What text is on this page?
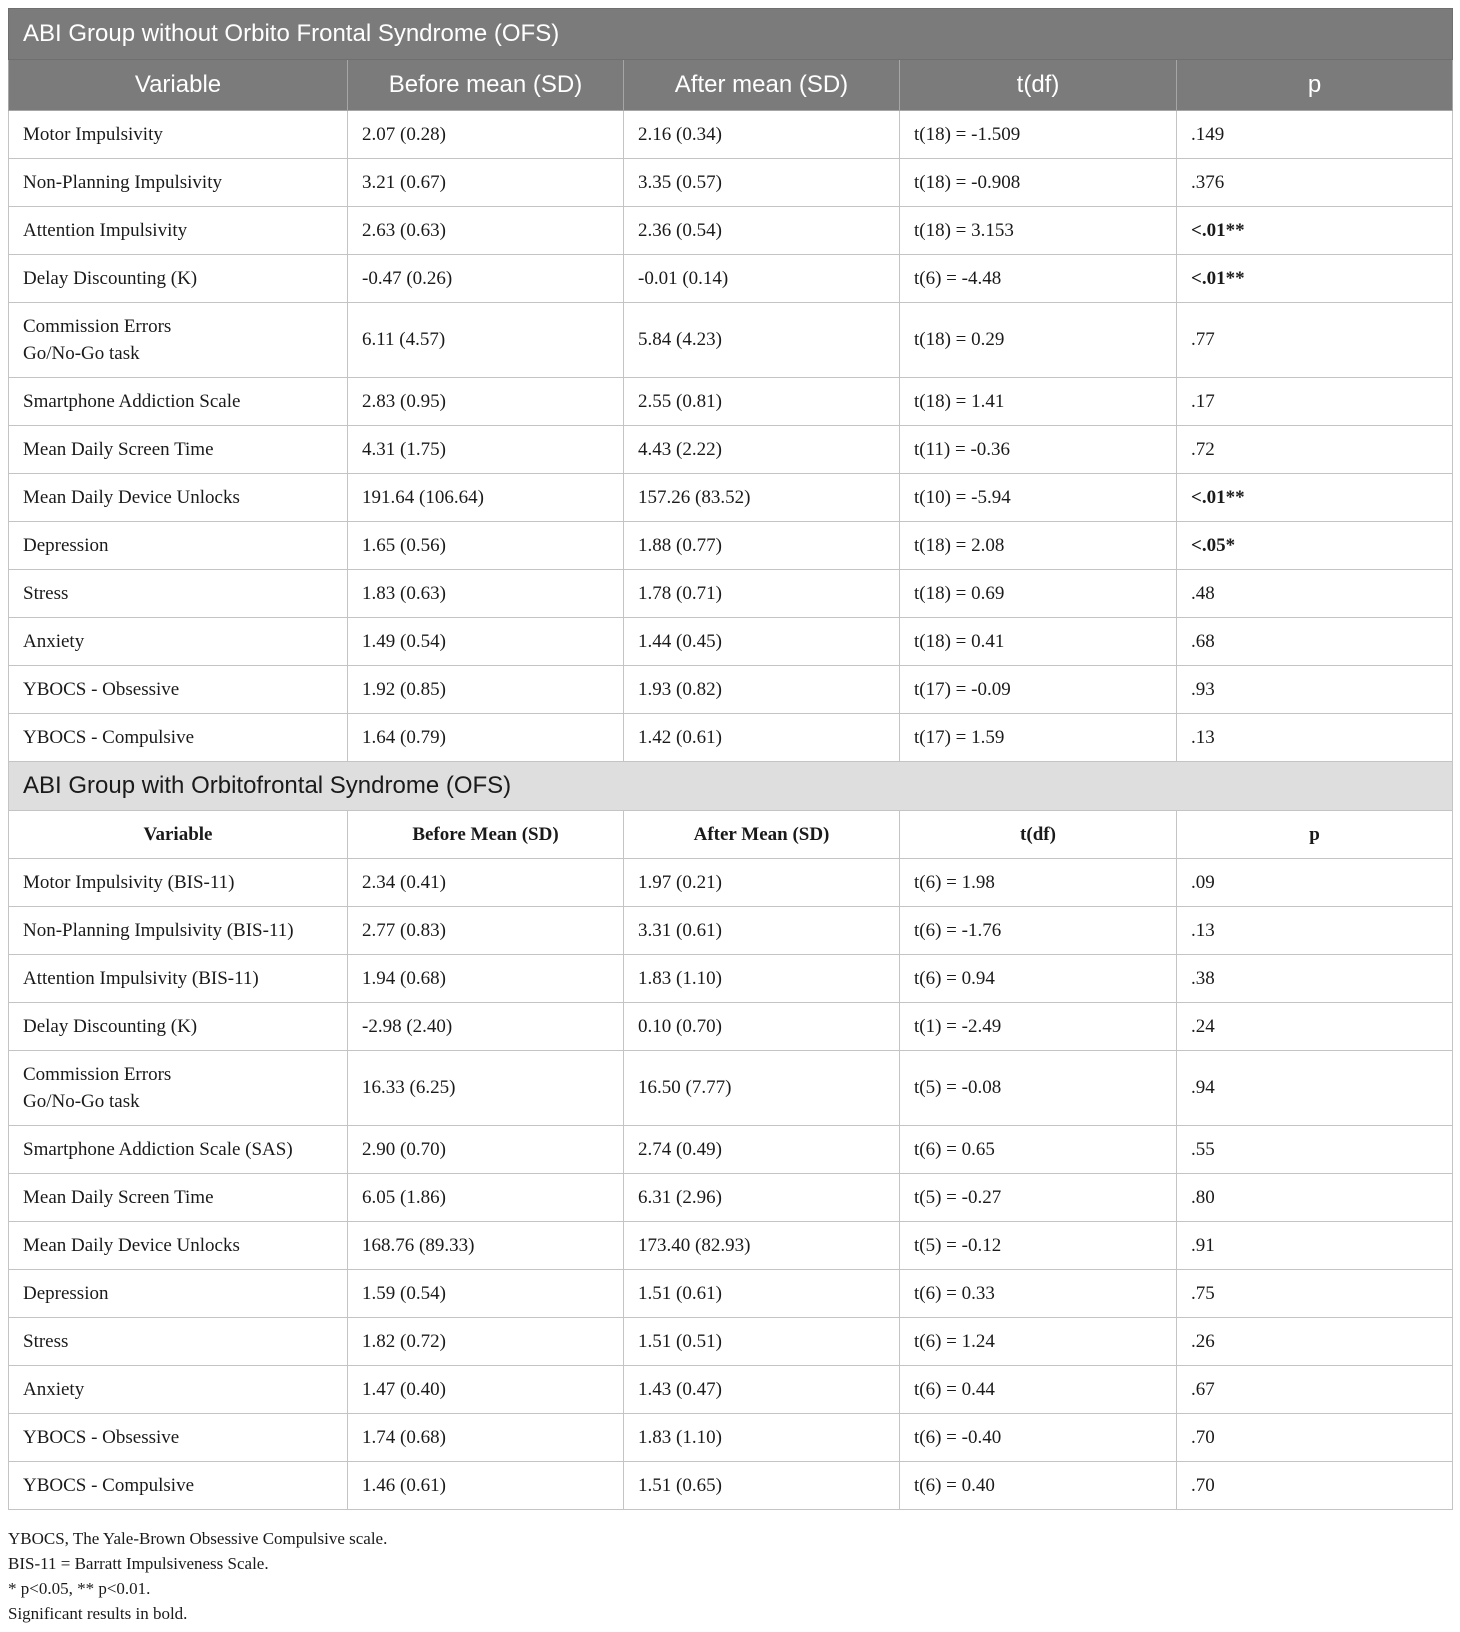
ABI Group without Orbito Frontal Syndrome (OFS)				
Variable	Before mean (SD)	After mean (SD)	t(df)	p
Motor Impulsivity	2.07 (0.28)	2.16 (0.34)	t(18) = -1.509	.149
Non-Planning Impulsivity	3.21 (0.67)	3.35 (0.57)	t(18) = -0.908	.376
Attention Impulsivity	2.63 (0.63)	2.36 (0.54)	t(18) = 3.153	<.01**
Delay Discounting (K)	-0.47 (0.26)	-0.01 (0.14)	t(6) = -4.48	<.01**
Commission Errors
Go/No-Go task	6.11 (4.57)	5.84 (4.23)	t(18) = 0.29	.77
Smartphone Addiction Scale	2.83 (0.95)	2.55 (0.81)	t(18) = 1.41	.17
Mean Daily Screen Time	4.31 (1.75)	4.43 (2.22)	t(11) = -0.36	.72
Mean Daily Device Unlocks	191.64 (106.64)	157.26 (83.52)	t(10) = -5.94	<.01**
Depression	1.65 (0.56)	1.88 (0.77)	t(18) = 2.08	<.05*
Stress	1.83 (0.63)	1.78 (0.71)	t(18) = 0.69	.48
Anxiety	1.49 (0.54)	1.44 (0.45)	t(18) = 0.41	.68
YBOCS - Obsessive	1.92 (0.85)	1.93 (0.82)	t(17) = -0.09	.93
YBOCS - Compulsive	1.64 (0.79)	1.42 (0.61)	t(17) = 1.59	.13
ABI Group with Orbitofrontal Syndrome (OFS)				
Variable	Before Mean (SD)	After Mean (SD)	t(df)	p
Motor Impulsivity (BIS-11)	2.34 (0.41)	1.97 (0.21)	t(6) = 1.98	.09
Non-Planning Impulsivity (BIS-11)	2.77 (0.83)	3.31 (0.61)	t(6) = -1.76	.13
Attention Impulsivity (BIS-11)	1.94 (0.68)	1.83 (1.10)	t(6) = 0.94	.38
Delay Discounting (K)	-2.98 (2.40)	0.10 (0.70)	t(1) = -2.49	.24
Commission Errors
Go/No-Go task	16.33 (6.25)	16.50 (7.77)	t(5) = -0.08	.94
Smartphone Addiction Scale (SAS)	2.90 (0.70)	2.74 (0.49)	t(6) = 0.65	.55
Mean Daily Screen Time	6.05 (1.86)	6.31 (2.96)	t(5) = -0.27	.80
Mean Daily Device Unlocks	168.76 (89.33)	173.40 (82.93)	t(5) = -0.12	.91
Depression	1.59 (0.54)	1.51 (0.61)	t(6) = 0.33	.75
Stress	1.82 (0.72)	1.51 (0.51)	t(6) = 1.24	.26
Anxiety	1.47 (0.40)	1.43 (0.47)	t(6) = 0.44	.67
YBOCS - Obsessive	1.74 (0.68)	1.83 (1.10)	t(6) = -0.40	.70
YBOCS - Compulsive	1.46 (0.61)	1.51 (0.65)	t(6) = 0.40	.70
YBOCS, The Yale-Brown Obsessive Compulsive scale.
BIS-11 = Barratt Impulsiveness Scale.
* p<0.05, ** p<0.01.
Significant results in bold.
